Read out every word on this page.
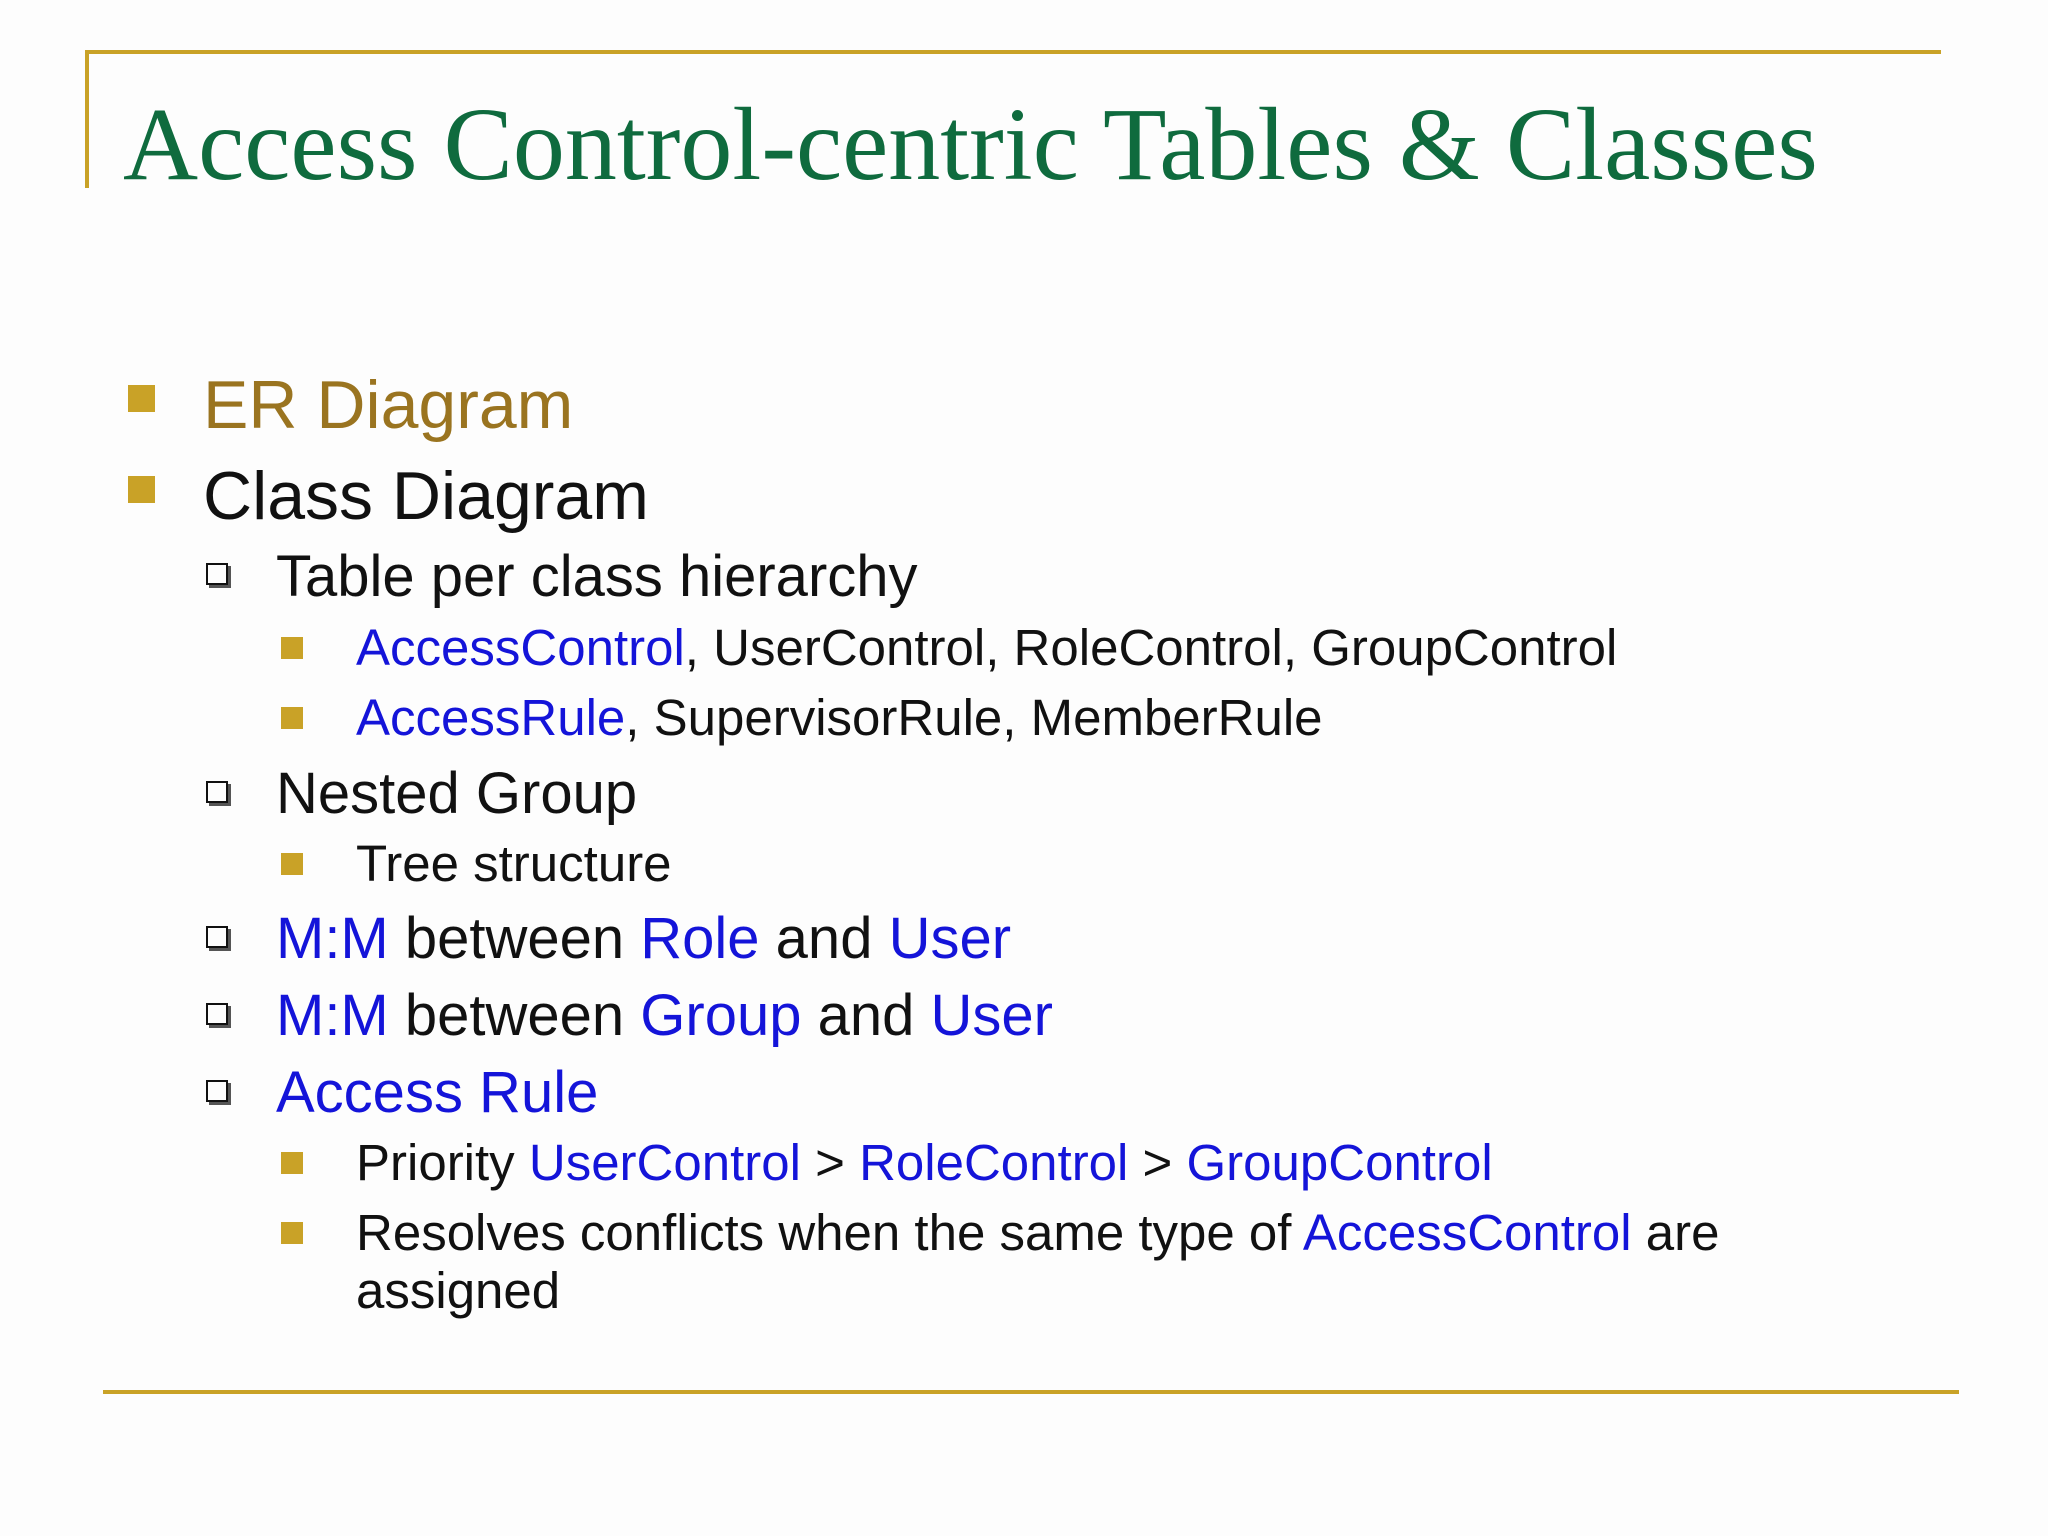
Access Control-centric Tables & Classes

ER Diagram

Class Diagram

Table per class hierarchy

AccessControl, UserControl, RoleControl, GroupControl

AccessRule, SupervisorRule, MemberRule

Nested Group

Tree structure

M:M between Role and User

M:M between Group and User

Access Rule

Priority UserControl > RoleControl > GroupControl

Resolves conflicts when the same type of AccessControl are

assigned
